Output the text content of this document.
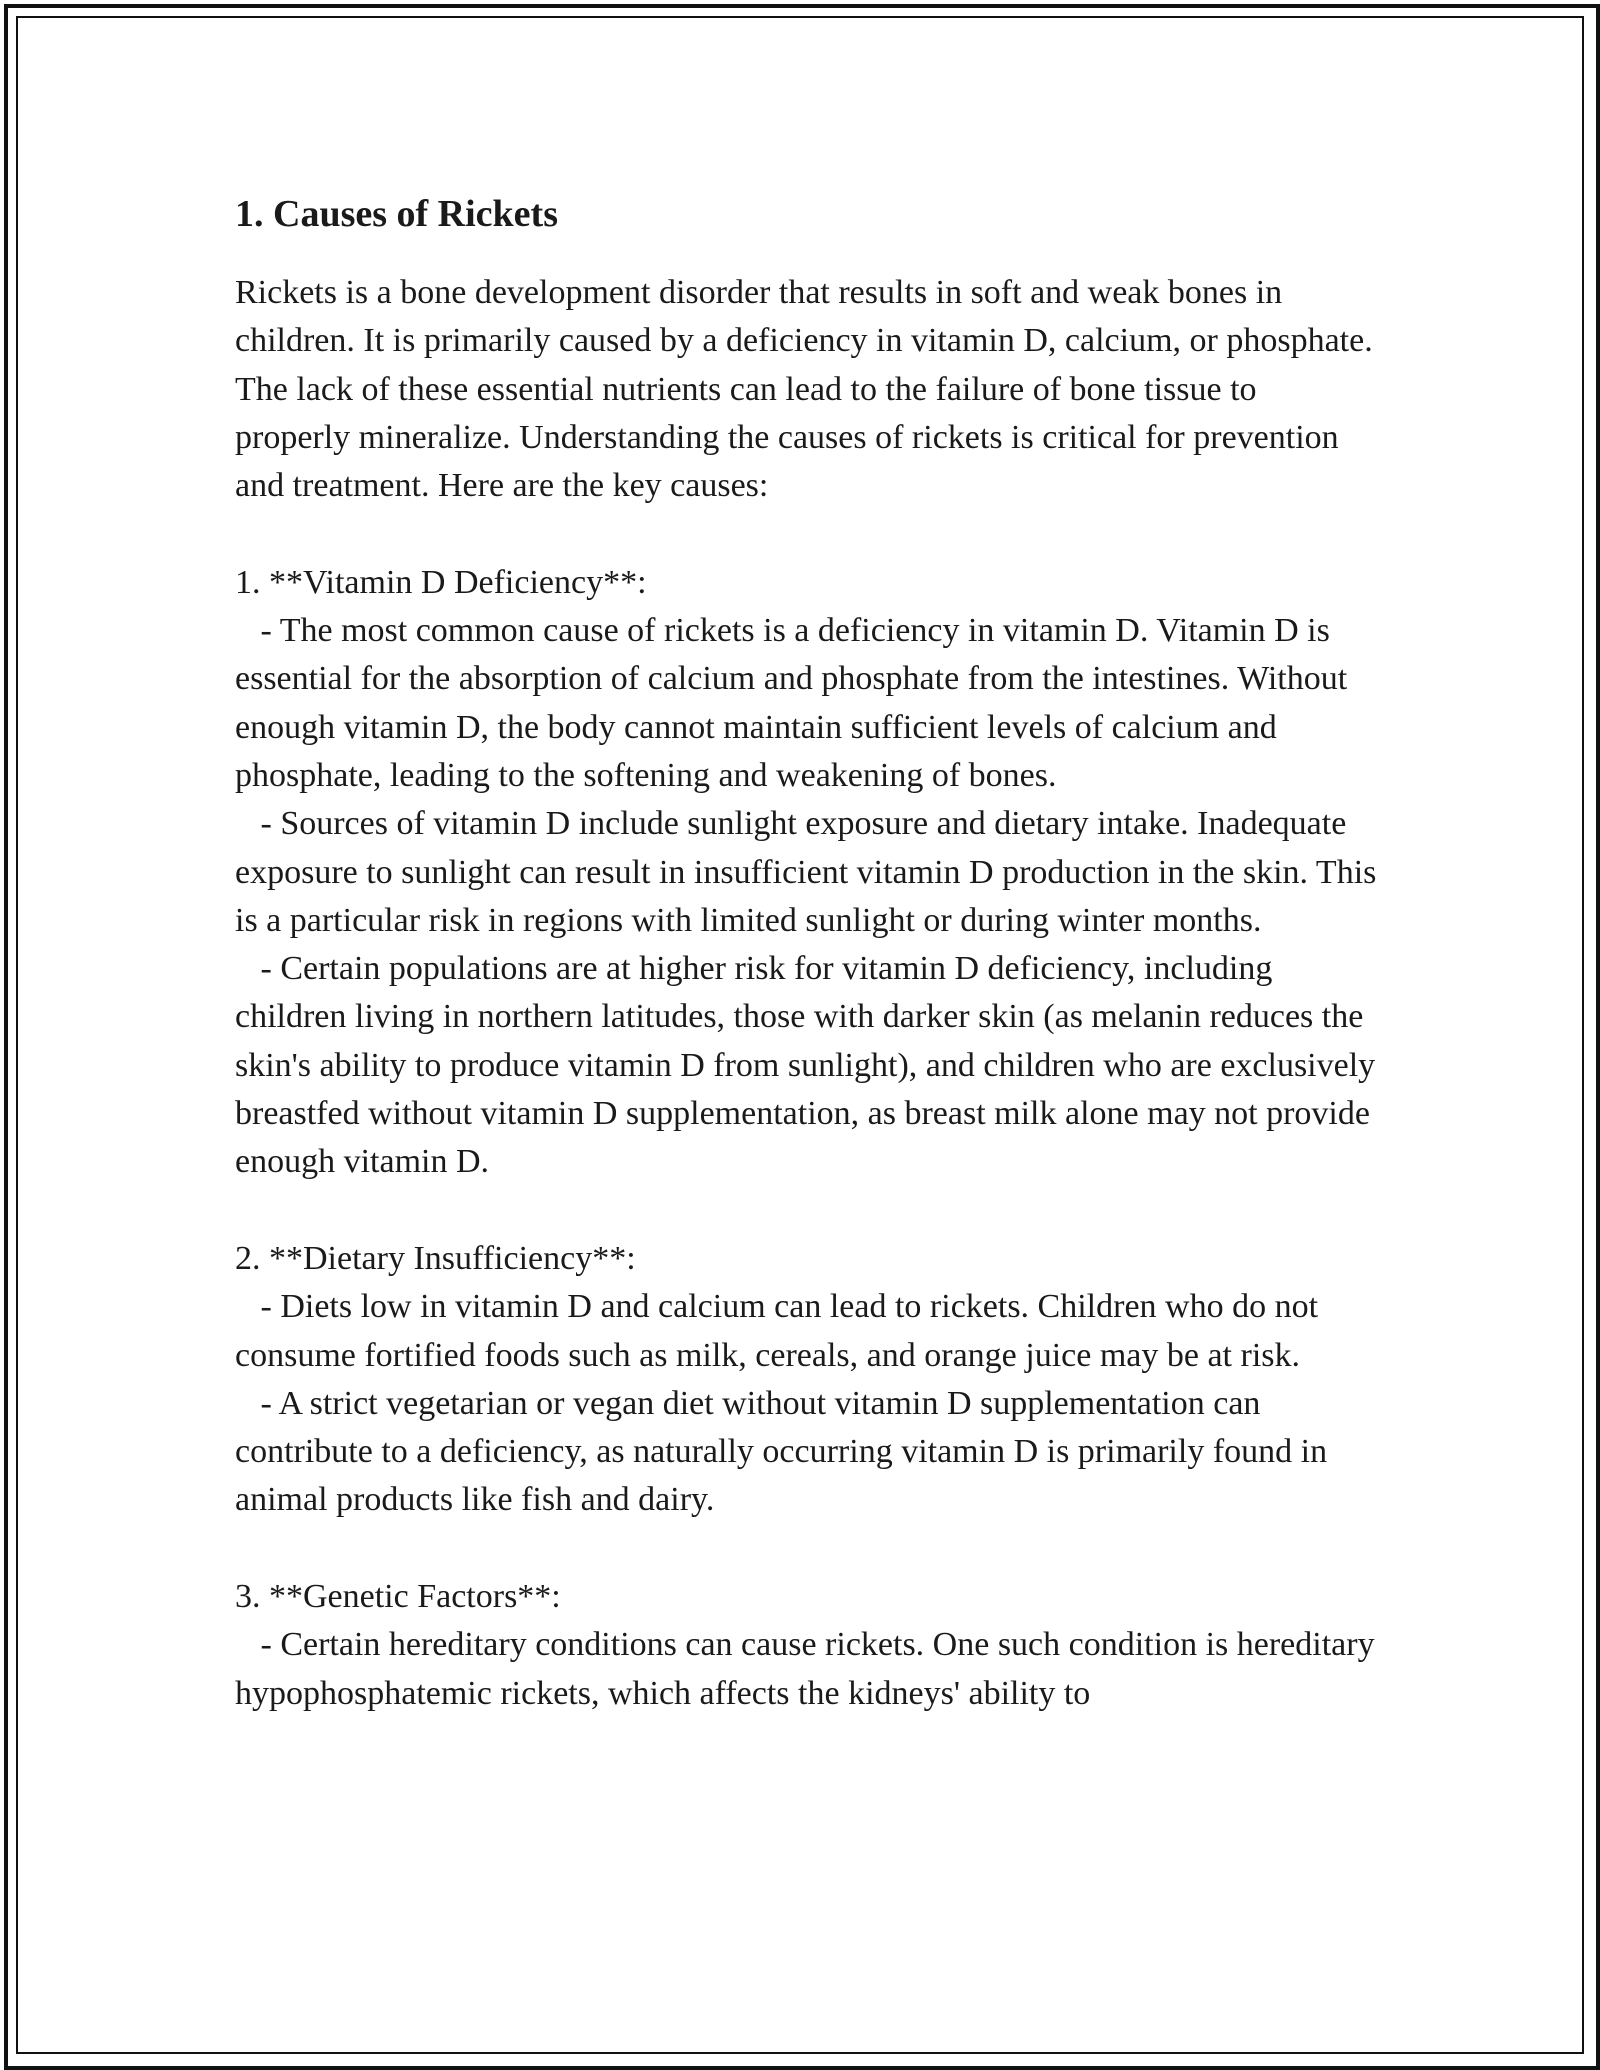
1. Causes of Rickets

Rickets is a bone development disorder that results in soft and weak bones in children. It is primarily caused by a deficiency in vitamin D, calcium, or phosphate. The lack of these essential nutrients can lead to the failure of bone tissue to properly mineralize. Understanding the causes of rickets is critical for prevention and treatment. Here are the key causes:

1. **Vitamin D Deficiency**:

- The most common cause of rickets is a deficiency in vitamin D. Vitamin D is essential for the absorption of calcium and phosphate from the intestines. Without enough vitamin D, the body cannot maintain sufficient levels of calcium and phosphate, leading to the softening and weakening of bones.

- Sources of vitamin D include sunlight exposure and dietary intake. Inadequate exposure to sunlight can result in insufficient vitamin D production in the skin. This is a particular risk in regions with limited sunlight or during winter months.

- Certain populations are at higher risk for vitamin D deficiency, including children living in northern latitudes, those with darker skin (as melanin reduces the skin's ability to produce vitamin D from sunlight), and children who are exclusively breastfed without vitamin D supplementation, as breast milk alone may not provide enough vitamin D.

2. **Dietary Insufficiency**:

- Diets low in vitamin D and calcium can lead to rickets. Children who do not consume fortified foods such as milk, cereals, and orange juice may be at risk.

- A strict vegetarian or vegan diet without vitamin D supplementation can contribute to a deficiency, as naturally occurring vitamin D is primarily found in animal products like fish and dairy.

3. **Genetic Factors**:

- Certain hereditary conditions can cause rickets. One such condition is hereditary hypophosphatemic rickets, which affects the kidneys' ability to
